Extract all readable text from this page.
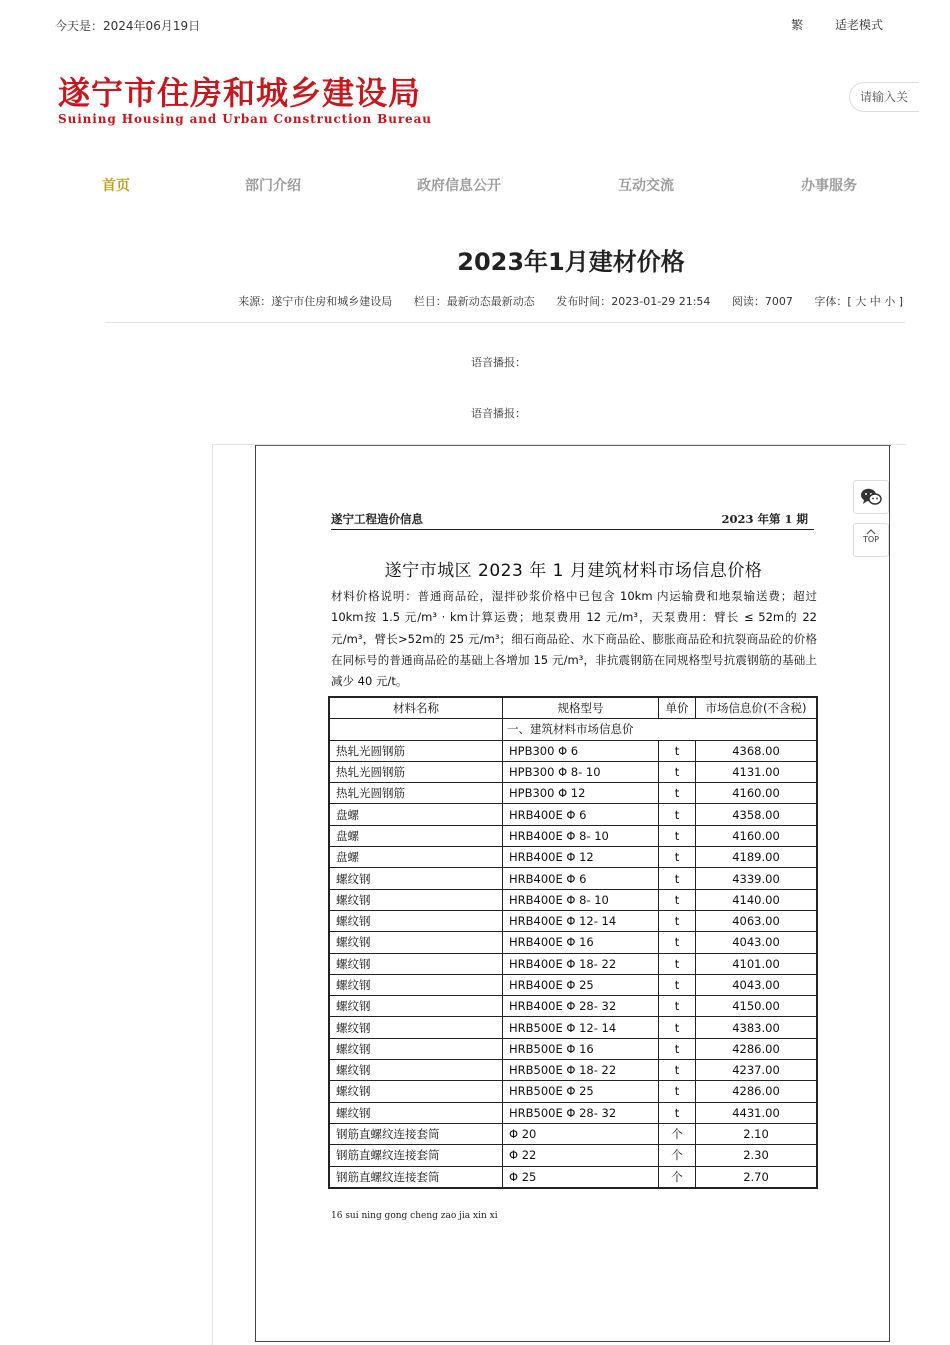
今天是：2024年06月19日	繁	适老模式
遂宁市住房和城乡建设局
Suining Housing and Urban Construction Bureau
请输入关
首页	部门介绍	政府信息公开	互动交流	办事服务
2023年1月建材价格
来源：遂宁市住房和城乡建设局 栏目：最新动态最新动态 发布时间：2023-01-29 21:54 阅读：7007 字体：[ 大 中 小 ]
语音播报：
语音播报：
遂宁工程造价信息	2023 年第 1 期
遂宁市城区 2023 年 1 月建筑材料市场信息价格
材料价格说明：普通商品砼，湿拌砂浆价格中已包含 10km 内运输费和地泵输送费；超过 10km按 1.5 元/m³ · km计算运费；地泵费用 12 元/m³，天泵费用：臂长 ≤ 52m的 22 元/m³，臂长>52m的 25 元/m³；细石商品砼、水下商品砼、膨胀商品砼和抗裂商品砼的价格在同标号的普通商品砼的基础上各增加 15 元/m³，非抗震钢筋在同规格型号抗震钢筋的基础上减少 40 元/t。
材料名称	规格型号	单价	市场信息价(不含税)
	一、建筑材料市场信息价		
热轧光圆钢筋	HPB300 Φ 6	t	4368.00
热轧光圆钢筋	HPB300 Φ 8- 10	t	4131.00
热轧光圆钢筋	HPB300 Φ 12	t	4160.00
盘螺	HRB400E Φ 6	t	4358.00
盘螺	HRB400E Φ 8- 10	t	4160.00
盘螺	HRB400E Φ 12	t	4189.00
螺纹钢	HRB400E Φ 6	t	4339.00
螺纹钢	HRB400E Φ 8- 10	t	4140.00
螺纹钢	HRB400E Φ 12- 14	t	4063.00
螺纹钢	HRB400E Φ 16	t	4043.00
螺纹钢	HRB400E Φ 18- 22	t	4101.00
螺纹钢	HRB400E Φ 25	t	4043.00
螺纹钢	HRB400E Φ 28- 32	t	4150.00
螺纹钢	HRB500E Φ 12- 14	t	4383.00
螺纹钢	HRB500E Φ 16	t	4286.00
螺纹钢	HRB500E Φ 18- 22	t	4237.00
螺纹钢	HRB500E Φ 25	t	4286.00
螺纹钢	HRB500E Φ 28- 32	t	4431.00
钢筋直螺纹连接套筒	Φ 20	个	2.10
钢筋直螺纹连接套筒	Φ 22	个	2.30
钢筋直螺纹连接套筒	Φ 25	个	2.70
16 sui ning gong cheng zao jia xin xi
TOP
